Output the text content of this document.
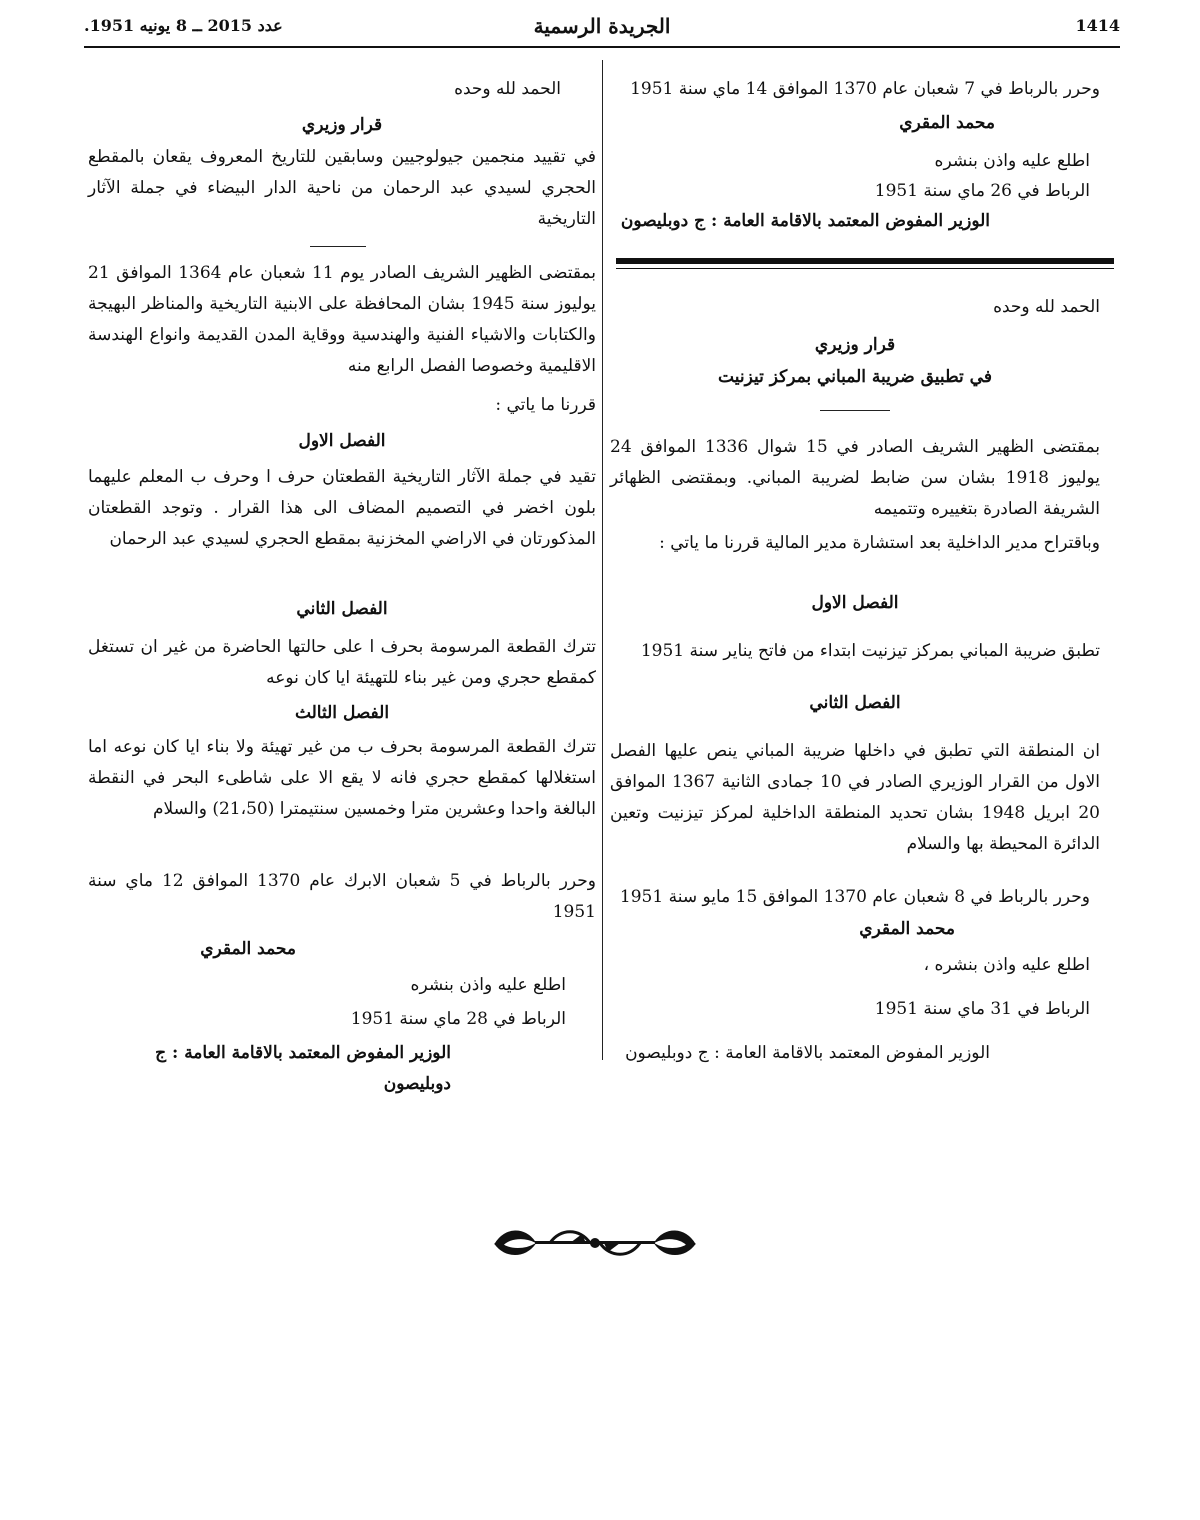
1414
الجريدة الرسمية
عدد 2015 ــ 8 يونيه 1951.

وحرر بالرباط في 7 شعبان عام 1370 الموافق 14 ماي سنة 1951

محمد المقري

اطلع عليه واذن بنشره

الرباط في 26 ماي سنة 1951

الوزير المفوض المعتمد بالاقامة العامة : ج دوبليصون

الحمد لله وحده

قرار وزيري

في تطبيق ضريبة المباني بمركز تيزنيت

بمقتضى الظهير الشريف الصادر في 15 شوال 1336 الموافق 24 يوليوز 1918 بشان سن ضابط لضريبة المباني. وبمقتضى الظهائر الشريفة الصادرة بتغييره وتتميمه

وباقتراح مدير الداخلية بعد استشارة مدير المالية قررنا ما ياتي :

الفصل الاول

تطبق ضريبة المباني بمركز تيزنيت ابتداء من فاتح يناير سنة 1951

الفصل الثاني

ان المنطقة التي تطبق في داخلها ضريبة المباني ينص عليها الفصل الاول من القرار الوزيري الصادر في 10 جمادى الثانية 1367 الموافق 20 ابريل 1948 بشان تحديد المنطقة الداخلية لمركز تيزنيت وتعين الدائرة المحيطة بها والسلام

وحرر بالرباط في 8 شعبان عام 1370 الموافق 15 مايو سنة 1951

محمد المقري

اطلع عليه واذن بنشره ،

الرباط في 31 ماي سنة 1951

الوزير المفوض المعتمد بالاقامة العامة : ج دوبليصون

الحمد لله وحده

قرار وزيري

في تقييد منجمين جيولوجيين وسابقين للتاريخ المعروف يقعان بالمقطع الحجري لسيدي عبد الرحمان من ناحية الدار البيضاء في جملة الآثار التاريخية

بمقتضى الظهير الشريف الصادر يوم 11 شعبان عام 1364 الموافق 21 يوليوز سنة 1945 بشان المحافظة على الابنية التاريخية والمناظر البهيجة والكتابات والاشياء الفنية والهندسية ووقاية المدن القديمة وانواع الهندسة الاقليمية وخصوصا الفصل الرابع منه

قررنا ما ياتي :

الفصل الاول

تقيد في جملة الآثار التاريخية القطعتان حرف ا وحرف ب المعلم عليهما بلون اخضر في التصميم المضاف الى هذا القرار . وتوجد القطعتان المذكورتان في الاراضي المخزنية بمقطع الحجري لسيدي عبد الرحمان

الفصل الثاني

تترك القطعة المرسومة بحرف ا على حالتها الحاضرة من غير ان تستغل كمقطع حجري ومن غير بناء للتهيئة ايا كان نوعه

الفصل الثالث

تترك القطعة المرسومة بحرف ب من غير تهيئة ولا بناء ايا كان نوعه اما استغلالها كمقطع حجري فانه لا يقع الا على شاطىء البحر في النقطة البالغة واحدا وعشرين مترا وخمسين سنتيمترا (21،50) والسلام

وحرر بالرباط في 5 شعبان الابرك عام 1370 الموافق 12 ماي سنة 1951

محمد المقري

اطلع عليه واذن بنشره

الرباط في 28 ماي سنة 1951

الوزير المفوض المعتمد بالاقامة العامة : ج دوبليصون
